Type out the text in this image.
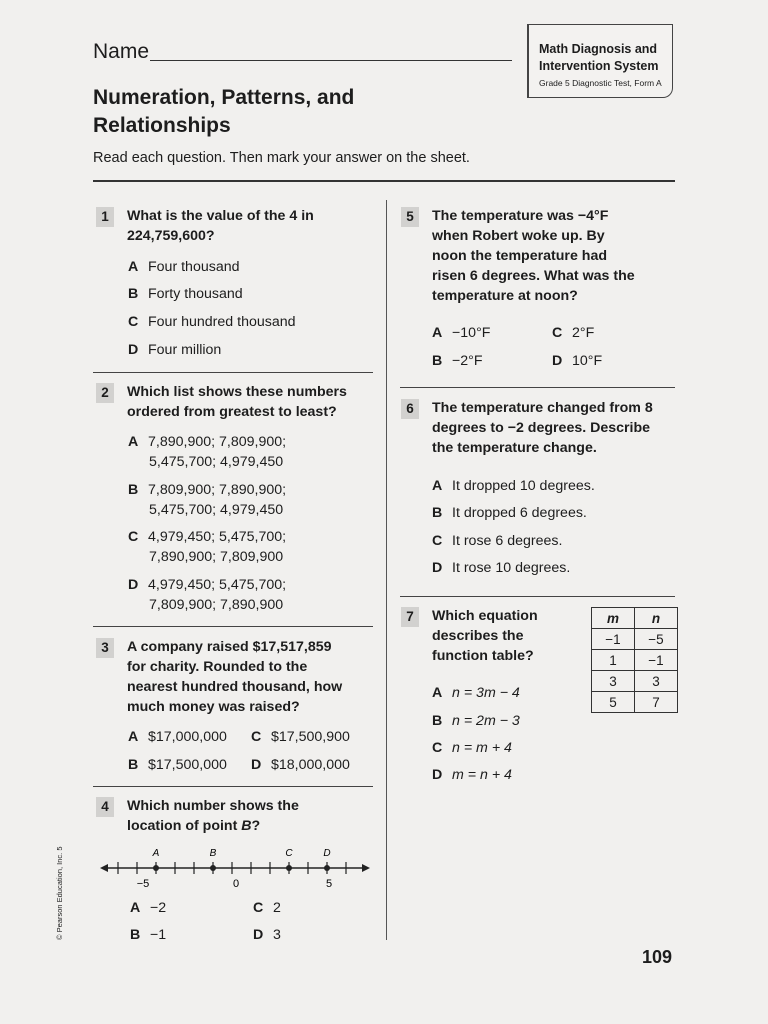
Name	Math Diagnosis and
Intervention System
Grade 5 Diagnostic Test, Form A
Numeration, Patterns, and
Relationships
Read each question. Then mark your answer on the sheet.
1	What is the value of the 4 in
224,759,600?
A Four thousand
B Forty thousand
C Four hundred thousand
D Four million
2	Which list shows these numbers
ordered from greatest to least?
A 7,890,900; 7,809,900;
5,475,700; 4,979,450
B 7,809,900; 7,890,900;
5,475,700; 4,979,450
C 4,979,450; 5,475,700;
7,890,900; 7,809,900
D 4,979,450; 5,475,700;
7,809,900; 7,890,900
3	A company raised $17,517,859
for charity. Rounded to the
nearest hundred thousand, how
much money was raised?
A $17,000,000 C $17,500,900
B $17,500,000 D $18,000,000
4	Which number shows the
location of point B?
A	B	C	D
−5	0	5
A −2	C 2
B −1	D 3
5	The temperature was −4°F
when Robert woke up. By
noon the temperature had
risen 6 degrees. What was the
temperature at noon?
A −10°F	C 2°F
B −2°F	D 10°F
6	The temperature changed from 8
degrees to −2 degrees. Describe
the temperature change.
A It dropped 10 degrees.
B It dropped 6 degrees.
C It rose 6 degrees.
D It rose 10 degrees.
7	Which equation
describes the
function table?
m	n
−1	−5
1	−1
3	3
5	7
A n = 3m − 4
B n = 2m − 3
C n = m + 4
D m = n + 4
© Pearson Education, Inc. 5
109
